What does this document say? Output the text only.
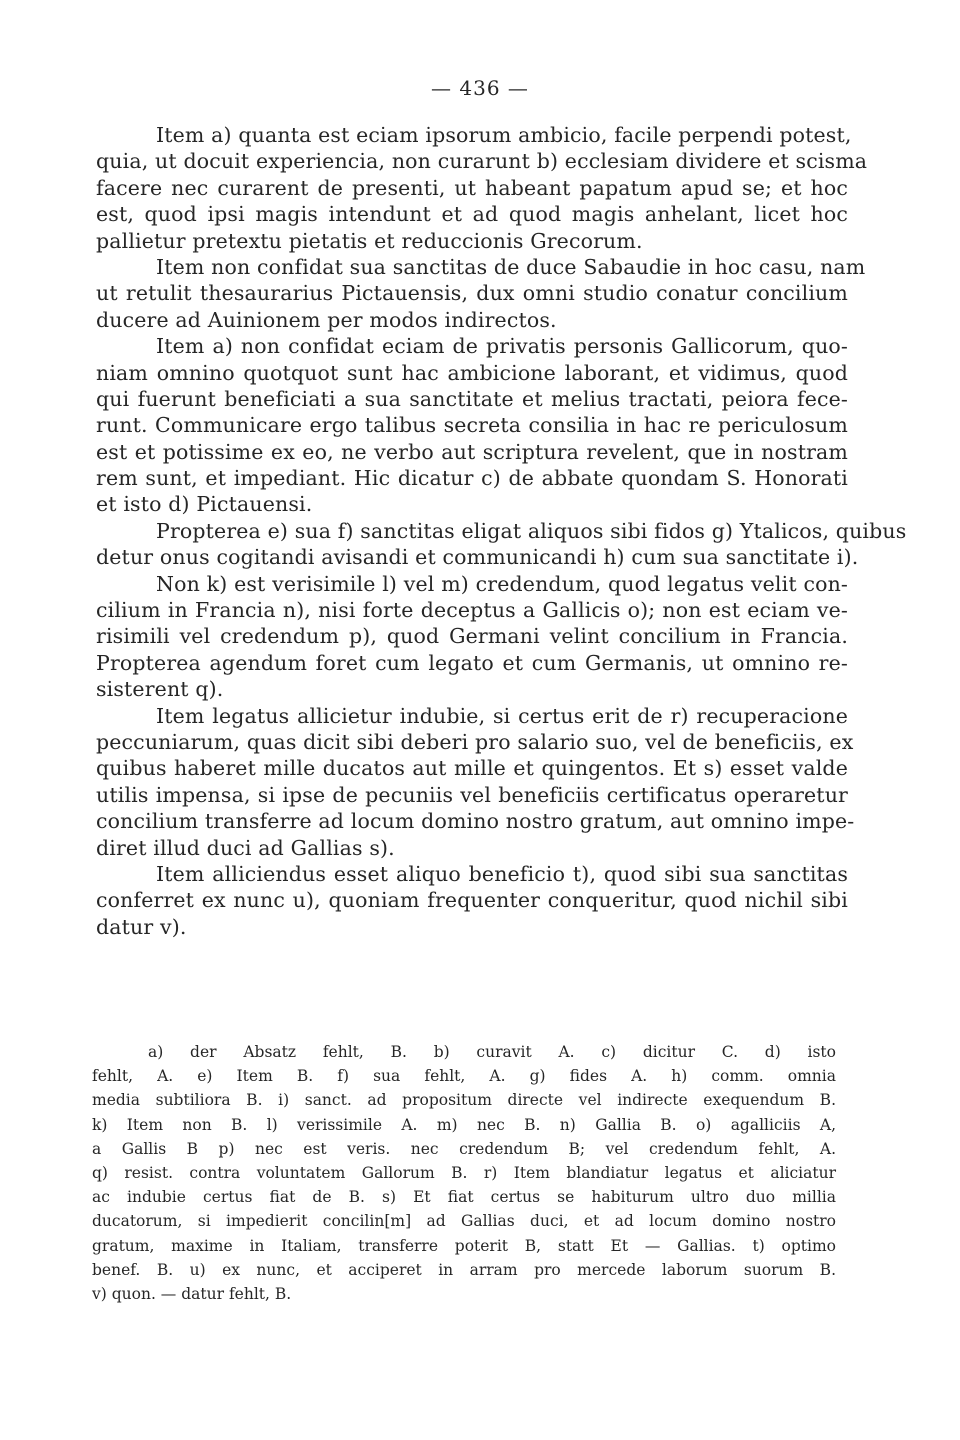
— 436 —
Item a) quanta est eciam ipsorum ambicio, facile perpendi potest,
quia, ut docuit experiencia, non curarunt b) ecclesiam dividere et scisma
facere nec curarent de presenti, ut habeant papatum apud se; et hoc
est, quod ipsi magis intendunt et ad quod magis anhelant, licet hoc
pallietur pretextu pietatis et reduccionis Grecorum.
Item non confidat sua sanctitas de duce Sabaudie in hoc casu, nam
ut retulit thesaurarius Pictauensis, dux omni studio conatur concilium
ducere ad Auinionem per modos indirectos.
Item a) non confidat eciam de privatis personis Gallicorum, quo-
niam omnino quotquot sunt hac ambicione laborant, et vidimus, quod
qui fuerunt beneficiati a sua sanctitate et melius tractati, peiora fece-
runt. Communicare ergo talibus secreta consilia in hac re periculosum
est et potissime ex eo, ne verbo aut scriptura revelent, que in nostram
rem sunt, et impediant. Hic dicatur c) de abbate quondam S. Honorati
et isto d) Pictauensi.
Propterea e) sua f) sanctitas eligat aliquos sibi fidos g) Ytalicos, quibus
detur onus cogitandi avisandi et communicandi h) cum sua sanctitate i).
Non k) est verisimile l) vel m) credendum, quod legatus velit con-
cilium in Francia n), nisi forte deceptus a Gallicis o); non est eciam ve-
risimili vel credendum p), quod Germani velint concilium in Francia.
Propterea agendum foret cum legato et cum Germanis, ut omnino re-
sisterent q).
Item legatus allicietur indubie, si certus erit de r) recuperacione
peccuniarum, quas dicit sibi deberi pro salario suo, vel de beneficiis, ex
quibus haberet mille ducatos aut mille et quingentos. Et s) esset valde
utilis impensa, si ipse de pecuniis vel beneficiis certificatus operaretur
concilium transferre ad locum domino nostro gratum, aut omnino impe-
diret illud duci ad Gallias s).
Item alliciendus esset aliquo beneficio t), quod sibi sua sanctitas
conferret ex nunc u), quoniam frequenter conqueritur, quod nichil sibi
datur v).
a) der Absatz fehlt, B. b) curavit A. c) dicitur C. d) isto
fehlt, A. e) Item B. f) sua fehlt, A. g) fides A. h) comm. omnia
media subtiliora B. i) sanct. ad propositum directe vel indirecte exequendum B.
k) Item non B. l) verissimile A. m) nec B. n) Gallia B. o) agalliciis A,
a Gallis B p) nec est veris. nec credendum B; vel credendum fehlt, A.
q) resist. contra voluntatem Gallorum B. r) Item blandiatur legatus et aliciatur
ac indubie certus fiat de B. s) Et fiat certus se habiturum ultro duo millia
ducatorum, si impedierit concilin[m] ad Gallias duci, et ad locum domino nostro
gratum, maxime in Italiam, transferre poterit B, statt Et — Gallias. t) optimo
benef. B. u) ex nunc, et acciperet in arram pro mercede laborum suorum B.
v) quon. — datur fehlt, B.
